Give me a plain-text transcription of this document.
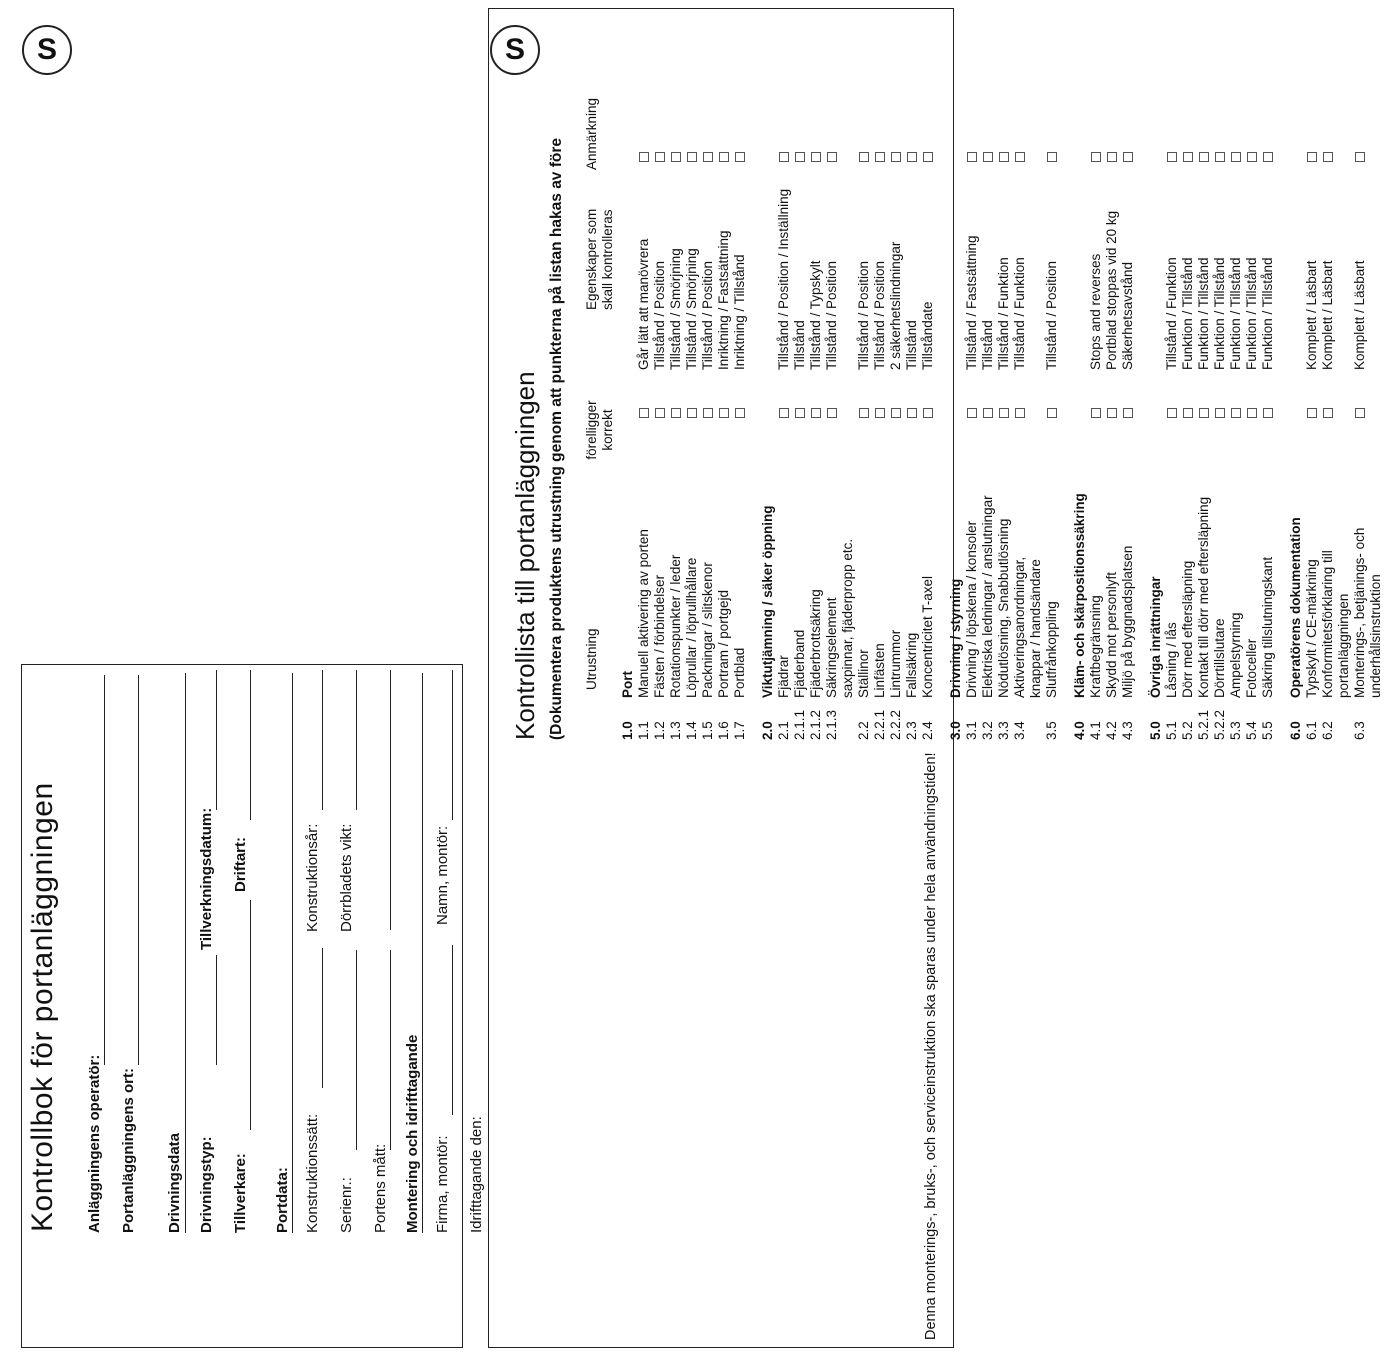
Kontrollbok för portanläggningen
S
Anläggningens operatör: Portanläggningens ort: Drivningsdata Drivningstyp:
Tillverkningsdatum:
Tillverkare:
Driftart:
Portdata: Konstruktionssätt:
Konstruktionsår:
Serienr.:
Dörrbladets vikt:
Portens mått: Montering och idrifttagande Firma, montör:
Namn, montör:
Idrifttagande den:
Kontrollista till portanläggningen (Dokumentera produktens utrustning genom att punkterna på listan hakas av före
S
Utrustning
förelligger korrekt
Egenskaper som skall kontrolleras
Anmärkning
1.0
Port
1.1
Manuell aktivering av porten
Går lätt att manövrera
1.2
Fästen / förbindelser
Tillstånd / Position
1.3
Rotationspunkter / leder
Tillstånd / Smörjning
1.4
Löprullar / löprullhållare
Tillstånd / Smörjning
1.5
Packningar / slitskenor
Tillstånd / Position
1.6
Portram / portgejd
Inriktning / Fastsättning
1.7
Portblad
Inriktning / Tillstånd
2.0
Viktutjämning / säker öppning
2.1
Fjädrar
Tillstånd / Position / Inställning
2.1.1
Fjäderband
Tillstånd
2.1.2
Fjäderbrottsäkring
Tillstånd / Typskylt
2.1.3
Säkringselement
Tillstånd / Position
saxpinnar, fjäderpropp etc.
2.2
Ställinor
Tillstånd / Position
2.2.1
Linfästen
Tillstånd / Position
2.2.2
Lintrummor
2 säkerhetslindningar
2.3
Fallsäkring
Tillstånd
2.4
Koncentricitet T-axel
Tillståndate
3.0
Drivning / styrning
3.1
Drivning / löpskena / konsoler
Tillstånd / Fastsättning
3.2
Elektriska ledningar / anslutningar
Tillstånd
3.3
Nödutlösning, Snabbutlösning
Tillstånd / Funktion
3.4
Aktiveringsanordningar,
Tillstånd / Funktion
knappar / handsändare
3.5
Slutfrånkoppling
Tillstånd / Position
4.0
Kläm- och skärpositionssäkring
4.1
Kraftbegränsning
Stops and reverses
4.2
Skydd mot personlyft
Portblad stoppas vid 20 kg
4.3
Miljö på byggnadsplatsen
Säkerhetsavstånd
5.0
Övriga inrättningar
5.1
Låsning / lås
Tillstånd / Funktion
5.2
Dörr med eftersläpning
Funktion / Tillstånd
5.2.1
Kontakt till dörr med eftersläpning
Funktion / Tillstånd
5.2.2
Dörrtillslutare
Funktion / Tillstånd
5.3
Ampelstyrning
Funktion / Tillstånd
5.4
Fotoceller
Funktion / Tillstånd
5.5
Säkring tillslutningskant
Funktion / Tillstånd
6.0
Operatörens dokumentation
6.1
Typskylt / CE-märkning
Komplett / Läsbart
6.2
Konformitetsförklaring till
Komplett / Läsbart
portanläggningen
6.3
Monterings-, betjänings- och
Komplett / Läsbart
underhållsinstruktion
Denna monterings-, bruks-, och serviceinstruktion ska sparas under hela användningstiden!
